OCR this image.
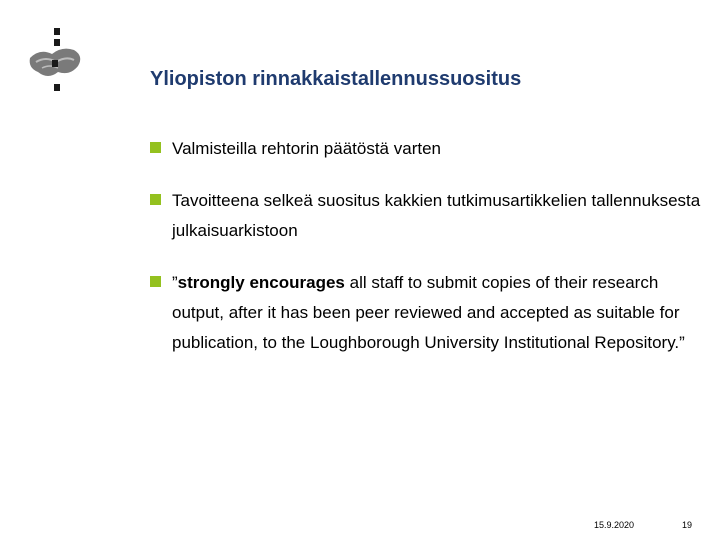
Yliopiston rinnakkaistallennussuositus
Valmisteilla rehtorin päätöstä varten
Tavoitteena selkeä suositus kakkien tutkimusartikkelien tallennuksesta julkaisuarkistoon
”strongly encourages all staff to submit copies of their research output, after it has been peer reviewed and accepted as suitable for publication, to the Loughborough University Institutional Repository.”
15.9.2020	19
